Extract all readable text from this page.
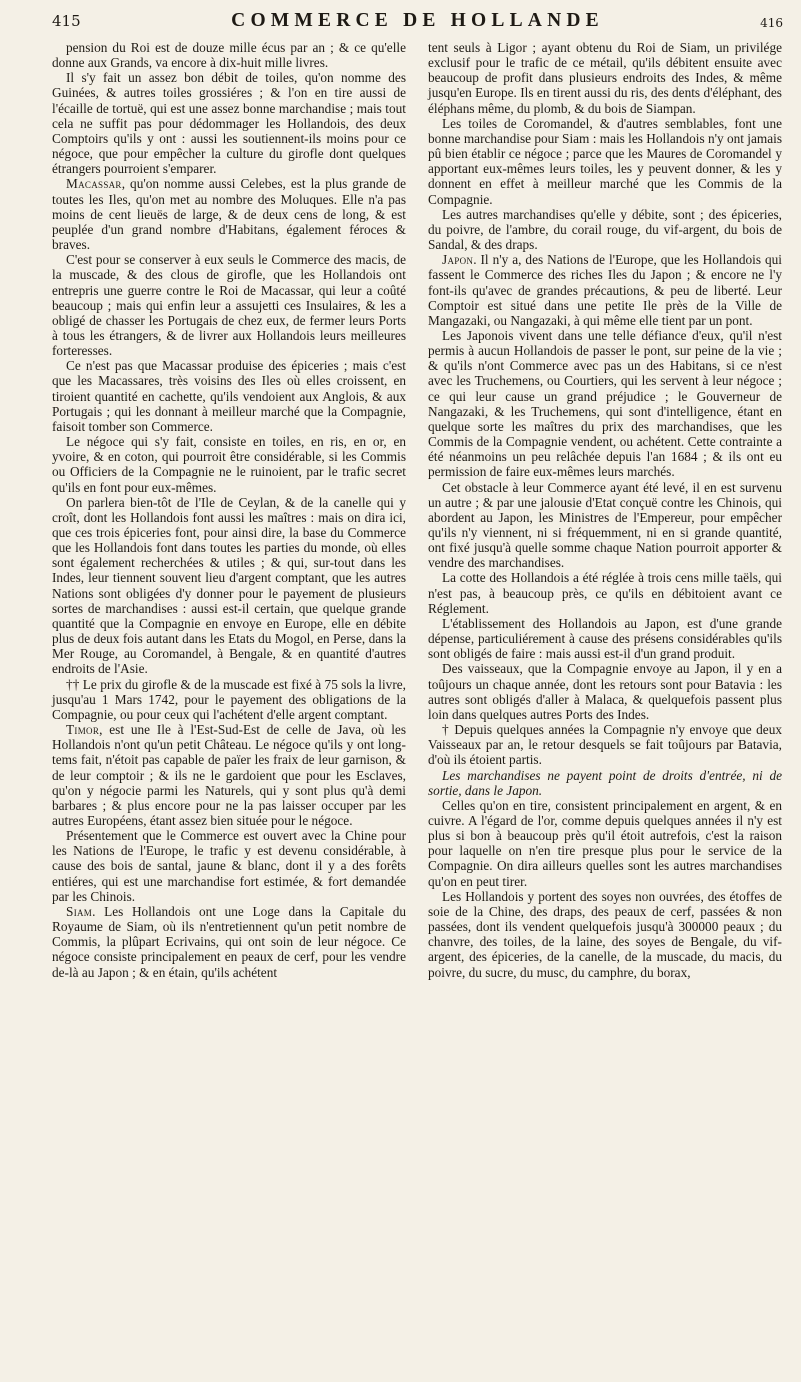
415	COMMERCE DE HOLLANDE	416

pension du Roi est de douze mille écus par an ; & ce qu'elle donne aux Grands, va encore à dix-huit mille livres.

Il s'y fait un assez bon débit de toiles, qu'on nomme des Guinées, & autres toiles grossiéres ; & l'on en tire aussi de l'écaille de tortuë, qui est une assez bonne marchandise ; mais tout cela ne suffit pas pour dédommager les Hollandois, des deux Comptoirs qu'ils y ont : aussi les soutiennent-ils moins pour ce négoce, que pour empêcher la culture du girofle dont quelques étrangers pourroient s'emparer.

Macassar, qu'on nomme aussi Celebes, est la plus grande de toutes les Iles, qu'on met au nombre des Moluques. Elle n'a pas moins de cent lieuës de large, & de deux cens de long, & est peuplée d'un grand nombre d'Habitans, également féroces & braves.

C'est pour se conserver à eux seuls le Commerce des macis, de la muscade, & des clous de girofle, que les Hollandois ont entrepris une guerre contre le Roi de Macassar, qui leur a coûté beaucoup ; mais qui enfin leur a assujetti ces Insulaires, & les a obligé de chasser les Portugais de chez eux, de fermer leurs Ports à tous les étrangers, & de livrer aux Hollandois leurs meilleures forteresses.

Ce n'est pas que Macassar produise des épiceries ; mais c'est que les Macassares, très voisins des Iles où elles croissent, en tiroient quantité en cachette, qu'ils vendoient aux Anglois, & aux Portugais ; qui les donnant à meilleur marché que la Compagnie, faisoit tomber son Commerce.

Le négoce qui s'y fait, consiste en toiles, en ris, en or, en yvoire, & en coton, qui pourroit être considérable, si les Commis ou Officiers de la Compagnie ne le ruinoient, par le trafic secret qu'ils en font pour eux-mêmes.

On parlera bien-tôt de l'Ile de Ceylan, & de la canelle qui y croît, dont les Hollandois font aussi les maîtres : mais on dira ici, que ces trois épiceries font, pour ainsi dire, la base du Commerce que les Hollandois font dans toutes les parties du monde, où elles sont également recherchées & utiles ; & qui, sur-tout dans les Indes, leur tiennent souvent lieu d'argent comptant, que les autres Nations sont obligées d'y donner pour le payement de plusieurs sortes de marchandises : aussi est-il certain, que quelque grande quantité que la Compagnie en envoye en Europe, elle en débite plus de deux fois autant dans les Etats du Mogol, en Perse, dans la Mer Rouge, au Coromandel, à Bengale, & en quantité d'autres endroits de l'Asie.

†† Le prix du girofle & de la muscade est fixé à 75 sols la livre, jusqu'au 1 Mars 1742, pour le payement des obligations de la Compagnie, ou pour ceux qui l'achétent d'elle argent comptant.

Timor, est une Ile à l'Est-Sud-Est de celle de Java, où les Hollandois n'ont qu'un petit Château. Le négoce qu'ils y ont long-tems fait, n'étoit pas capable de païer les fraix de leur garnison, & de leur comptoir ; & ils ne le gardoient que pour les Esclaves, qu'on y négocie parmi les Naturels, qui y sont plus qu'à demi barbares ; & plus encore pour ne la pas laisser occuper par les autres Européens, étant assez bien située pour le négoce.

Présentement que le Commerce est ouvert avec la Chine pour les Nations de l'Europe, le trafic y est devenu considérable, à cause des bois de santal, jaune & blanc, dont il y a des forêts entiéres, qui est une marchandise fort estimée, & fort demandée par les Chinois.

Siam. Les Hollandois ont une Loge dans la Capitale du Royaume de Siam, où ils n'entretiennent qu'un petit nombre de Commis, la plûpart Ecrivains, qui ont soin de leur négoce. Ce négoce consiste principalement en peaux de cerf, pour les vendre de-là au Japon ; & en étain, qu'ils achétent

tent seuls à Ligor ; ayant obtenu du Roi de Siam, un privilége exclusif pour le trafic de ce métail, qu'ils débitent ensuite avec beaucoup de profit dans plusieurs endroits des Indes, & même jusqu'en Europe. Ils en tirent aussi du ris, des dents d'éléphant, des éléphans même, du plomb, & du bois de Siampan.

Les toiles de Coromandel, & d'autres semblables, font une bonne marchandise pour Siam : mais les Hollandois n'y ont jamais pû bien établir ce négoce ; parce que les Maures de Coromandel y apportant eux-mêmes leurs toiles, les y peuvent donner, & les y donnent en effet à meilleur marché que les Commis de la Compagnie.

Les autres marchandises qu'elle y débite, sont ; des épiceries, du poivre, de l'ambre, du corail rouge, du vif-argent, du bois de Sandal, & des draps.

Japon. Il n'y a, des Nations de l'Europe, que les Hollandois qui fassent le Commerce des riches Iles du Japon ; & encore ne l'y font-ils qu'avec de grandes précautions, & peu de liberté. Leur Comptoir est situé dans une petite Ile près de la Ville de Mangazaki, ou Nangazaki, à qui même elle tient par un pont.

Les Japonois vivent dans une telle défiance d'eux, qu'il n'est permis à aucun Hollandois de passer le pont, sur peine de la vie ; & qu'ils n'ont Commerce avec pas un des Habitans, si ce n'est avec les Truchemens, ou Courtiers, qui les servent à leur négoce ; ce qui leur cause un grand préjudice ; le Gouverneur de Nangazaki, & les Truchemens, qui sont d'intelligence, étant en quelque sorte les maîtres du prix des marchandises, que les Commis de la Compagnie vendent, ou achétent. Cette contrainte a été néanmoins un peu relâchée depuis l'an 1684 ; & ils ont eu permission de faire eux-mêmes leurs marchés.

Cet obstacle à leur Commerce ayant été levé, il en est survenu un autre ; & par une jalousie d'Etat conçuë contre les Chinois, qui abordent au Japon, les Ministres de l'Empereur, pour empêcher qu'ils n'y viennent, ni si fréquemment, ni en si grande quantité, ont fixé jusqu'à quelle somme chaque Nation pourroit apporter & vendre des marchandises.

La cotte des Hollandois a été réglée à trois cens mille taëls, qui n'est pas, à beaucoup près, ce qu'ils en débitoient avant ce Réglement.

L'établissement des Hollandois au Japon, est d'une grande dépense, particuliérement à cause des présens considérables qu'ils sont obligés de faire : mais aussi est-il d'un grand produit.

Des vaisseaux, que la Compagnie envoye au Japon, il y en a toûjours un chaque année, dont les retours sont pour Batavia : les autres sont obligés d'aller à Malaca, & quelquefois passent plus loin dans quelques autres Ports des Indes.

† Depuis quelques années la Compagnie n'y envoye que deux Vaisseaux par an, le retour desquels se fait toûjours par Batavia, d'où ils étoient partis.

Les marchandises ne payent point de droits d'entrée, ni de sortie, dans le Japon.

Celles qu'on en tire, consistent principalement en argent, & en cuivre. A l'égard de l'or, comme depuis quelques années il n'y est plus si bon à beaucoup près qu'il étoit autrefois, c'est la raison pour laquelle on n'en tire presque plus pour le service de la Compagnie. On dira ailleurs quelles sont les autres marchandises qu'on en peut tirer.

Les Hollandois y portent des soyes non ouvrées, des étoffes de soie de la Chine, des draps, des peaux de cerf, passées & non passées, dont ils vendent quelquefois jusqu'à 300000 peaux ; du chanvre, des toiles, de la laine, des soyes de Bengale, du vif-argent, des épiceries, de la canelle, de la muscade, du macis, du poivre, du sucre, du musc, du camphre, du borax,
